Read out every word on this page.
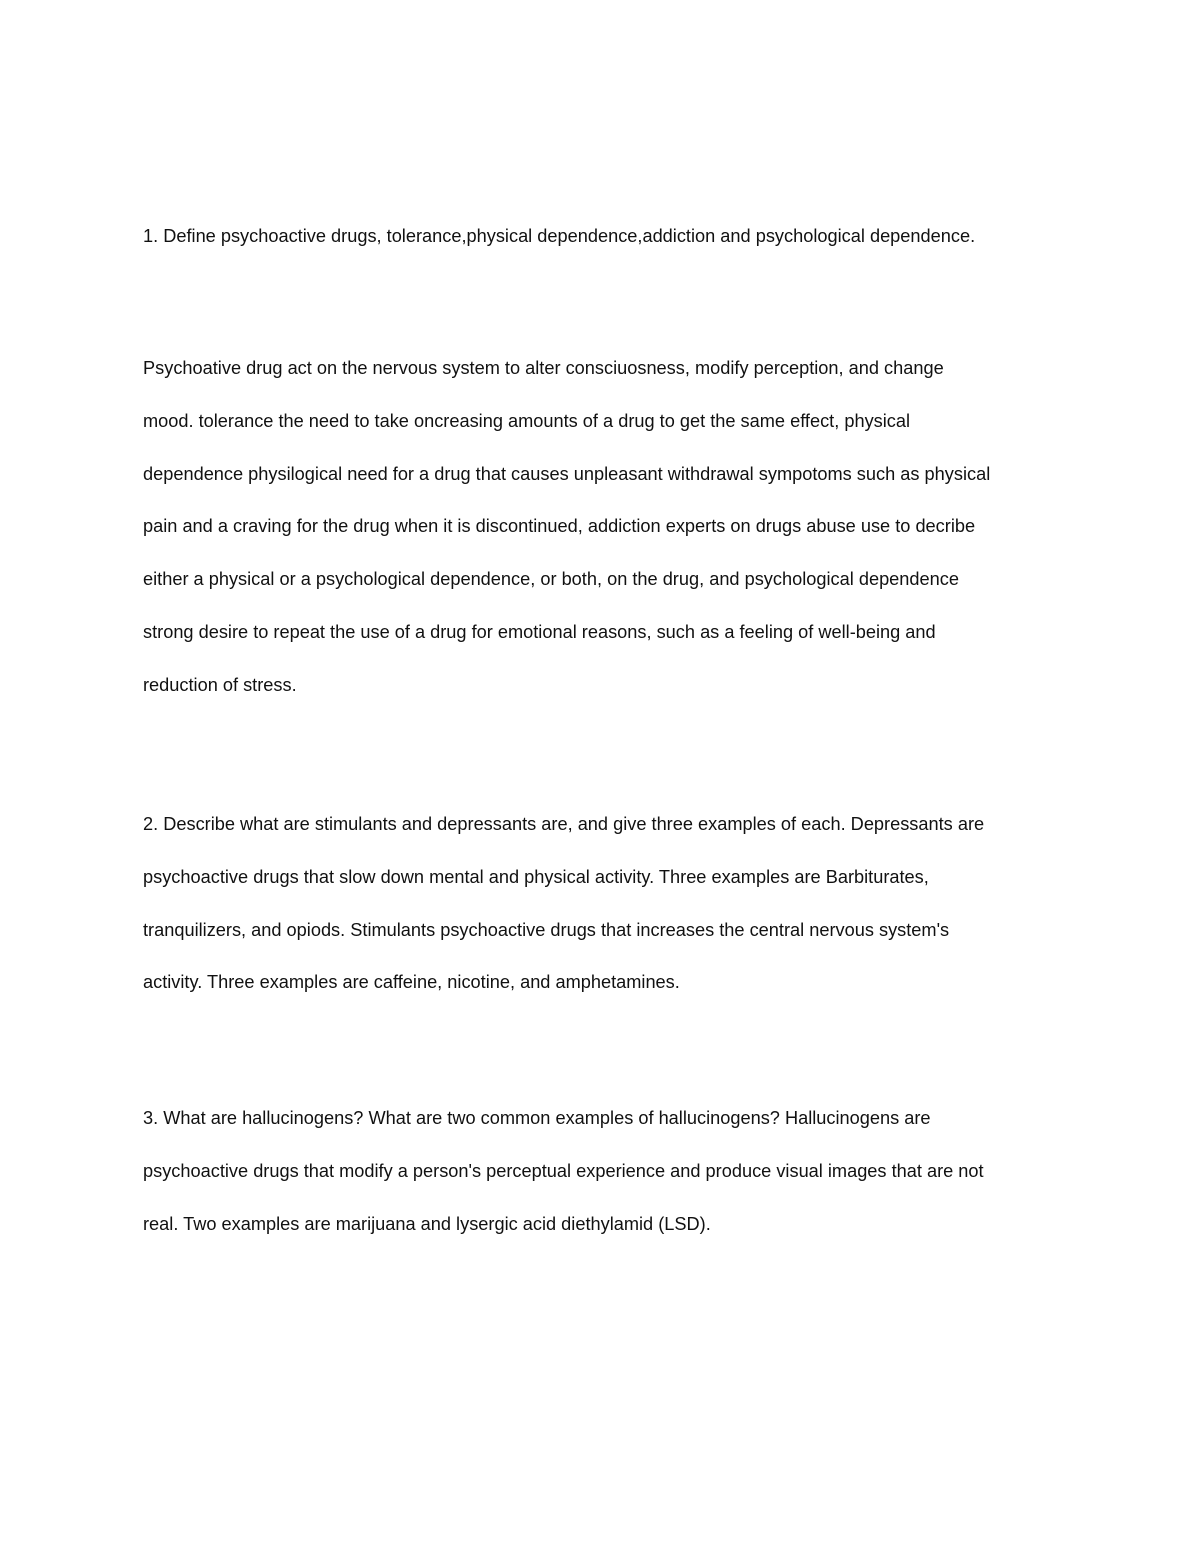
1. Define psychoactive drugs, tolerance,physical dependence,addiction and psychological dependence.

Psychoative drug act on the nervous system to alter consciuosness, modify perception, and change
mood. tolerance the need to take oncreasing amounts of a drug to get the same effect, physical
dependence physilogical need for a drug that causes unpleasant withdrawal sympotoms such as physical
pain and a craving for the drug when it is discontinued, addiction experts on drugs abuse use to decribe
either a physical or a psychological dependence, or both, on the drug, and psychological dependence
strong desire to repeat the use of a drug for emotional reasons, such as a feeling of well-being and
reduction of stress.

2. Describe what are stimulants and depressants are, and give three examples of each. Depressants are
psychoactive drugs that slow down mental and physical activity. Three examples are Barbiturates,
tranquilizers, and opiods. Stimulants psychoactive drugs that increases the central nervous system's
activity. Three examples are caffeine, nicotine, and amphetamines.

3. What are hallucinogens? What are two common examples of hallucinogens? Hallucinogens are
psychoactive drugs that modify a person's perceptual experience and produce visual images that are not
real. Two examples are marijuana and lysergic acid diethylamid (LSD).
